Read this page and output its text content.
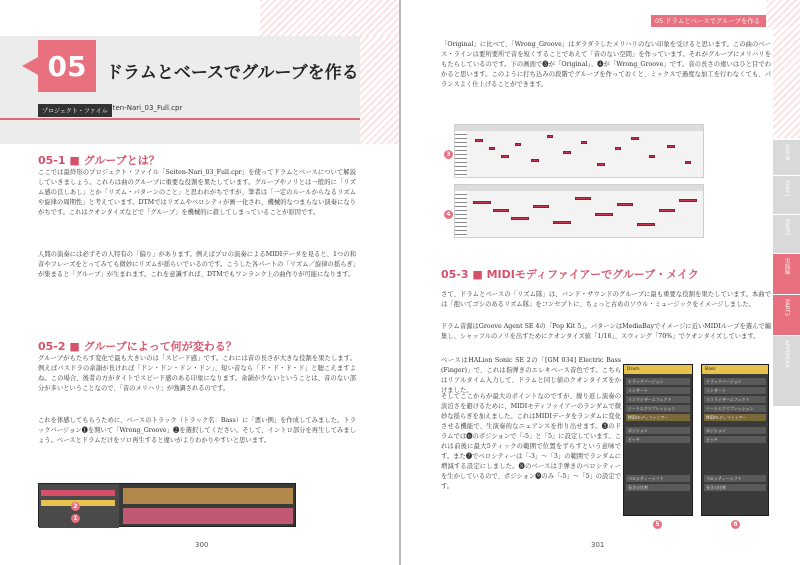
05	ドラムとベースでグルーブを作る
プロジェクト・ファイル
Seiten-Nari_03_Full.cpr
05-1 ■ グルーブとは？
ここでは最終形のプロジェクト・ファイル「Seiten-Nari_03_Full.cpr」を使ってドラムとベースについて解説していきましょう。これらは曲のグルーブに重要な役割を果たしています。グルーブやノリとは一般的に「リズム感の良しあし」とか「リズム・パターンのこと」と思われがちですが、筆者は「一定のルールからなるリズムや旋律の周期性」と考えています。DTMではリズムやベロシティが画一化され、機械的なつまらない演奏になりがちです。これはクオンタイズなどで「グルーブ」を機械的に殺してしまっていることが原因です。
人間の演奏には必ずその人特有の「偏り」があります。例えばプロの演奏によるMIDIデータを見ると、1つの和音やフレーズをとってみても微妙にリズムが揺らいでいるのです。こうした各パートの「リズム／旋律の揺らぎ」が集まると「グルーブ」が生まれます。これを意識すれば、DTMでもワンランク上の曲作りが可能になります。
05-2 ■ グルーブによって何が変わる？
グルーブがもたらす変化で最も大きいのは「スピード感」です。これには音の長さが大きな役割を果たします。例えばバスドラの余韻が長ければ「ドン・ドン・ドン・ドン」、短い音なら「ド・ド・ド・ド」と聴こえますよね。この場合、後者の方がタイトでスピード感のある印象になります。余韻が少ないということは、音のない部分が多いということなので、「音のメリハリ」が強調されるのです。
これを体感してもらうために、ベースのトラック（トラック名：Bass）に「悪い例」を作成してみました。トラックバージョン❶を開いて「Wrong_Groove」❷を選択してください。そして、イントロ部分を再生してみましょう。ベースとドラムだけをソロ再生すると違いがよりわかりやすいと思います。
1
2
300
05 ドラムとベースでグルーブを作る
基本編
PART1
PART2
実践編
PART3
APPENDIX
「Original」に比べて、「Wrong_Groove」はダラダラしたメリハリのない印象を受けると思います。この曲のベース・ラインは要所要所で音を短くすることであえて「音のない空間」を作っています。それがグルーブにメリハリをもたらしているのです。下の画面で❸が「Original」、❹が「Wrong_Groove」です。音の長さの違いはひと目でわかると思います。このように打ち込みの段階でグルーブを作っておくと、ミックスで過度な加工を行わなくても、パランスよく仕上げることができます。
3
4
05-3 ■ MIDIモディファイアーでグルーブ・メイク
さて、ドラムとベースの「リズム隊」は、バンド・サウンドのグルーブに最も重要な役割を果たしています。本曲では「抱いてゴシのあるリズム隊」をコンセプトに、ちょっと古めのソウル・ミュージックをイメージしました。
ドラム音源はGroove Agent SE 4の「Pop Kit 5」。パターンはMediaBayでイメージに近いMIDIループを選んで編集し、シャッフルのノリを出すためにクオンタイズ値「1/16」、スウィング「70%」でクオンタイズしています。
ベースはHALion Sonic SE 2の「[GM 034] Electric Bass (Finger)」で、これは指弾きのエレキベース音色です。こちらはリアルタイム入力して、ドラムと同じ値のクオンタイズをかけました。
そしてここからが最大のポイントなのですが、繰り返し演奏の淡泊さを避けるために、MIDIモディファイアーのランダムで微妙な揺らぎを加えました。これはMIDIデータをランダムに変化させる機能で、生演奏的なニュアンスを作り出せます。❺のドラムでは❻のポジションで「-5」と「5」に設定しています。これは前後に最大5ティックの範囲で位置をずらすという意味です。また❼でベロシティーは「-3」～「3」の範囲でランダムに増減する設定にしました。❽のベースは手弾きのベロシティーを生かしているので、ポジション❾のみ「-5」～「5」の設定です。
Drum
トラックバージョン
インサート
イコライザーエフェクト
ノートエクスプレッション
MIDIモディファイアー
ポジション
ピッチ
ベロシティーシフト
長さの比率
5
Bass
トラックバージョン
インサート
イコライザーエフェクト
ノートエクスプレッション
MIDIモディファイアー
ポジション
ピッチ
ベロシティーシフト
長さの比率
8
301
